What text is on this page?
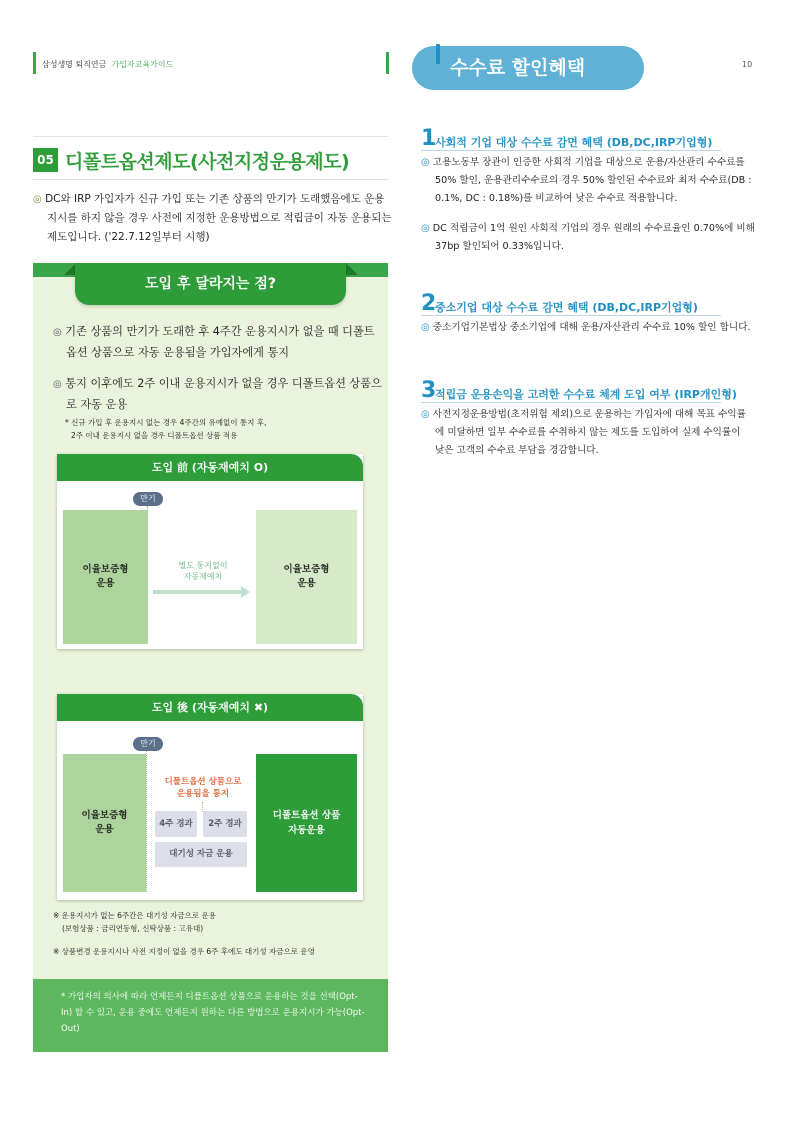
삼성생명 퇴직연금 가입자교육가이드	수수료 할인혜택	10
05 디폴트옵션제도(사전지정운용제도)
◎ DC와 IRP 가입자가 신규 가입 또는 기존 상품의 만기가 도래했음에도 운용 지시를 하지 않을 경우 사전에 지정한 운용방법으로 적립금이 자동 운용되는 제도입니다. ('22.7.12일부터 시행)
도입 후 달라지는 점?
◎ 기존 상품의 만기가 도래한 후 4주간 운용지시가 없을 때 디폴트옵션 상품으로 자동 운용됨을 가입자에게 통지
◎ 통지 이후에도 2주 이내 운용지시가 없을 경우 디폴트옵션 상품으로 자동 운용
* 신규 가입 후 운용지시 없는 경우 4주간의 유예없이 통지 후,
2주 이내 운용지시 없을 경우 디폴트옵션 상품 적용
도입 前 (자동재예치 O)
만기
이율보증형
운용
별도 통지없이
자동재예치
이율보증형
운용
도입 後 (자동재예치 ✖)
만기
이율보증형
운용
디폴트옵션 상품으로
운용됨을 통지
4주 경과	2주 경과
대기성 자금 운용
디폴트옵션 상품
자동운용
※ 운용지시가 없는 6주간은 대기성 자금으로 운용
(보험상품 : 금리연동형, 신탁상품 : 고유대)
※ 상품변경 운용지시나 사전 지정이 없을 경우 6주 후에도 대기성 자금으로 운영
* 가입자의 의사에 따라 언제든지 디폴트옵션 상품으로 운용하는 것을 선택(Opt-In) 할 수 있고, 운용 중에도 언제든지 원하는 다른 방법으로 운용지시가 가능(Opt-Out)
1
사회적 기업 대상 수수료 감면 혜택 (DB,DC,IRP기업형)
◎ 고용노동부 장관이 인증한 사회적 기업을 대상으로 운용/자산관리 수수료를 50% 할인, 운용관리수수료의 경우 50% 할인된 수수료와 최저 수수료(DB : 0.1%, DC : 0.18%)를 비교하여 낮은 수수료 적용합니다.
◎ DC 적립금이 1억 원인 사회적 기업의 경우 원래의 수수료율인 0.70%에 비해 37bp 할인되어 0.33%입니다.
2
중소기업 대상 수수료 감면 혜택 (DB,DC,IRP기업형)
◎ 중소기업기본법상 중소기업에 대해 운용/자산관리 수수료 10% 할인 합니다.
3
적립금 운용손익을 고려한 수수료 체계 도입 여부 (IRP개인형)
◎ 사전지정운용방법(초저위험 제외)으로 운용하는 가입자에 대해 목표 수익률에 미달하면 일부 수수료를 수취하지 않는 제도를 도입하여 실제 수익률이 낮은 고객의 수수료 부담을 경감합니다.
